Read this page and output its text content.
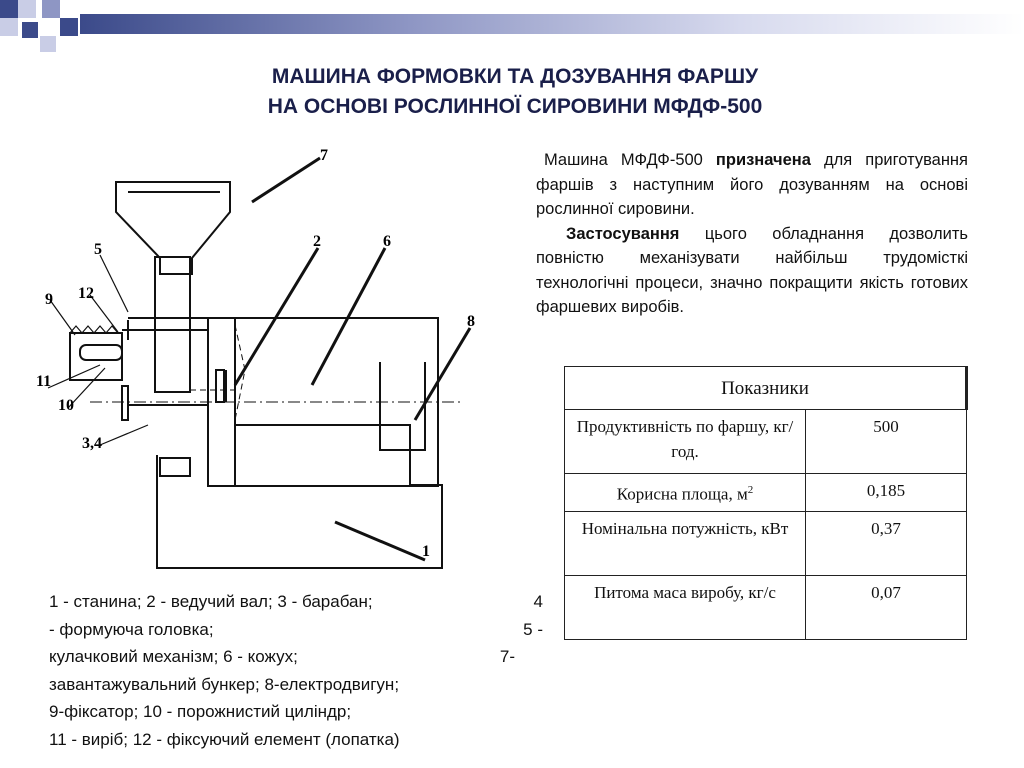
МАШИНА ФОРМОВКИ ТА ДОЗУВАННЯ ФАРШУ
НА ОСНОВІ РОСЛИННОЇ СИРОВИНИ МФДФ-500

Машина МФДФ-500 призначена для приготування фаршів з наступним його дозуванням на основі рослинної сировини.

Застосування цього обладнання дозволить повністю механізувати найбільш трудомісткі технологічні процеси, значно покращити якість готових фаршевих виробів.

Показники	
Продуктивність по фаршу, кг/год.	500
Корисна площа, $м^2$	0,185
Номінальна потужність, кВт	0,37
Питома маса виробу, кг/с	0,07
7
2	6
8
1
5
9 12
11
10
3,4
1 - станина; 2 - ведучий вал; 3 - барабан;	4
- формуюча головка;	5 -
кулачковий механізм; 6 - кожух;	7-
завантажувальний бункер; 8-електродвигун;
9-фіксатор; 10 - порожнистий циліндр;
11 - виріб; 12 - фіксуючий елемент (лопатка)
